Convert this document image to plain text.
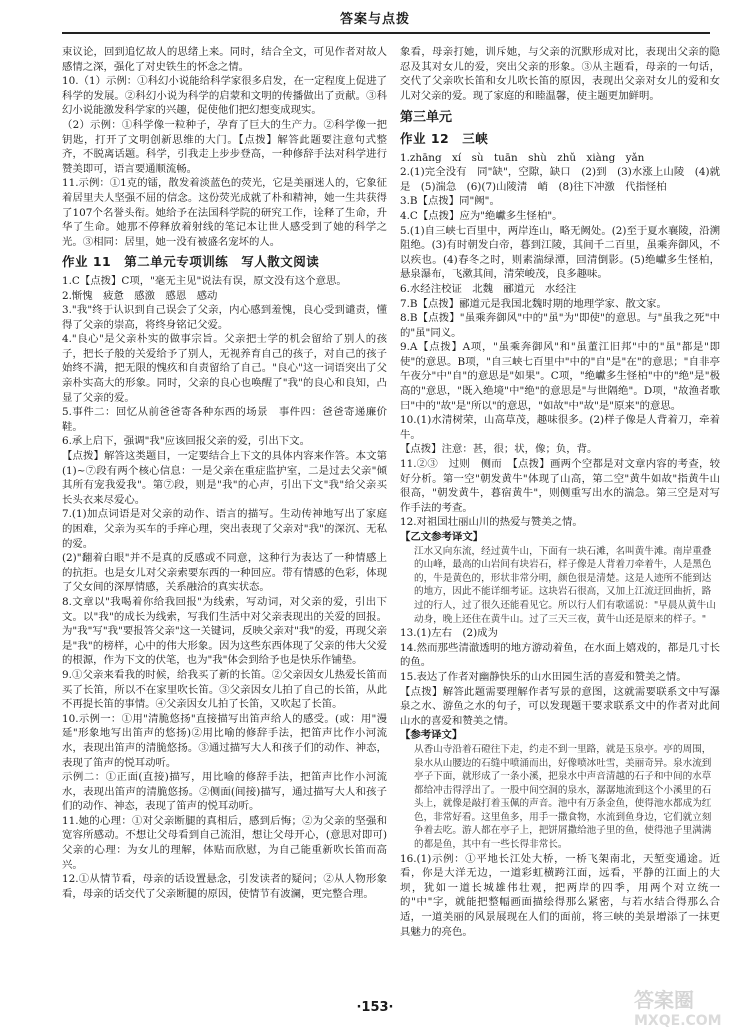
答案与点拨

束议论，回到追忆故人的思绪上来。同时，结合全文，可见作者对故人感情之深，强化了对史铁生的怀念之情。

10.（1）示例：①科幻小说能给科学家很多启发，在一定程度上促进了科学的发展。②科幻小说为科学的启蒙和文明的传播做出了贡献。③科幻小说能激发科学家的兴趣，促使他们把幻想变成现实。

（2）示例：①科学像一粒种子，孕育了巨大的生产力。②科学像一把钥匙，打开了文明创新思维的大门。【点拨】解答此题要注意句式整齐，不脱离话题。科学，引我走上步步登高，一种修辞手法对科学进行赞美即可，语言要通顺流畅。

11.示例：①1克的镭，散发着淡蓝色的荧光，它是美丽迷人的，它象征着居里夫人坚强不屈的信念。这份荧光成就了朴和精神，她一生共获得了107个名誉头衔。她给予在法国科学院的研究工作，诠释了生命，升华了生命。她那不停释放着射线的笔记本让世人感受到了她的科学之光。③相同：居里，她一没有被盛名宠坏的人。

作业 11　第二单元专项训练　写人散文阅读

1.C【点拨】C项，"毫无主见"说法有误，原文没有这个意思。

2.惭愧　疲惫　感激　感恩　感动

3."我"终于认识到自己误会了父亲，内心感到羞愧，良心受到谴责，懂得了父亲的崇高，将终身铭记父爱。

4."良心"是父亲朴实的做事宗旨。父亲把士学的机会留给了别人的孩子，把长子般的关爱给予了别人，无视养育自己的孩子，对自己的孩子始终不满，把无限的愧疚和自责留给了自己。"良心"这一词语突出了父亲朴实高大的形象。同时，父亲的良心也唤醒了"我"的良心和良知，凸显了父亲的爱。

5.事件二：回忆从前爸爸寄各种东西的场景　事件四：爸爸寄递廉价鞋。

6.承上启下，强调"我"应该回报父亲的爱，引出下文。

【点拨】解答这类题目，一定要结合上下文的具体内容来作答。本文第(1)~⑦段有两个核心信息：一是父亲在重症监护室，二是过去父亲"倾其所有宠我爱我"。第⑦段，则是"我"的心声，引出下文"我"给父亲买长头衣来尽爱心。

7.(1)加点词语是对父亲的动作、语言的描写。生动传神地写出了家庭的困难，父亲为买车的手痒心理，突出表现了父亲对"我"的深沉、无私的爱。

(2)"翻着白眼"并不是真的反感或不同意，这种行为表达了一种情感上的抗拒。也是女儿对父亲索要东西的一种回应。带有情感的色彩，体现了父女间的深厚情感，关系融洽的真实状态。

8.文章以"我喝着你给我回报"为线索，写动词，对父亲的爱，引出下文。以"我"的成长为线索，写我们生活中对父亲表现出的关爱的回报。为"我"写"我"要报答父亲"这一关键词，反映父亲对"我"的爱，再现父亲是"我"的榜样，心中的伟大形象。因为这些东西体现了父亲的伟大父爱的根源，作为下文的伏笔，也为"我"体会到给予也是快乐作铺垫。

9.①父亲来看我的时候，给我买了新的长笛。②父亲因女儿热爱长笛而买了长笛，所以不在家里吹长笛。③父亲因女儿拍了自己的长笛，从此不再提长笛的事情。④父亲因女儿拍了长笛，又吹起了长笛。

10.示例一：①用"清脆悠扬"直接描写出笛声给人的感受。(或：用"漫延"形象地写出笛声的悠扬)②用比喻的修辞手法，把笛声比作小河流水，表现出笛声的清脆悠扬。③通过描写大人和孩子们的动作、神态，表现了笛声的悦耳动听。

示例二：①正面(直接)描写，用比喻的修辞手法，把笛声比作小河流水，表现出笛声的清脆悠扬。②侧面(间接)描写，通过描写大人和孩子们的动作、神态，表现了笛声的悦耳动听。

11.她的心理：①对父亲断腿的真相后，感到后悔；②为父亲的坚强和宽容所感动。不想让父母看到自己流泪，想让父母开心，(意思对即可)父亲的心理：为女儿的理解，体贴而欣慰，为自己能重新吹长笛而高兴。

12.①从情节看，母亲的话设置悬念，引发读者的疑问；②从人物形象看，母亲的话交代了父亲断腿的原因，使情节有波澜，更完整合理。

象看，母亲打她，训斥她，与父亲的沉默形成对比，表现出父亲的隐忍及其对女儿的爱，突出父亲的形象。③从主题看，母亲的一句话，交代了父亲吹长笛和女儿吹长笛的原因，表现出父亲对女儿的爱和女儿对父亲的爱。现了家庭的和睦温馨，使主题更加鲜明。

第三单元
作业 12　三峡

1.zhāng　xí　sù　tuān　shù　zhǔ　xiàng　yǎn

2.(1)完全没有　同"缺"，空隙，缺口　(2)到　(3)水涨上山陵　(4)就是　(5)湍急　(6)(7)山陵清　峭　(8)往下冲激　代指怪柏

3.B【点拨】同"阙"。

4.C【点拨】应为"绝巘多生怪柏"。

5.(1)自三峡七百里中，两岸连山，略无阙处。(2)至于夏水襄陵，沿溯阻绝。(3)有时朝发白帝，暮到江陵，其间千二百里，虽乘奔御风，不以疾也。(4)春冬之时，则素湍绿潭，回清倒影。(5)绝巘多生怪柏，悬泉瀑布，飞漱其间，清荣峻茂，良多趣味。

6.水经注校证　北魏　郦道元　水经注

7.B【点拨】郦道元是我国北魏时期的地理学家、散文家。

8.B【点拨】"虽乘奔御风"中的"虽"为"即使"的意思。与"虽我之死"中的"虽"同义。

9.A【点拨】A项，"虽乘奔御风"和"虽董江旧邦"中的"虽"都是"即使"的意思。B项，"自三峡七百里中"中的"自"是"在"的意思；"自非亭午夜分"中"自"的意思是"如果"。C项，"绝巘多生怪柏"中的"绝"是"极高的"意思，"既入绝境"中"绝"的意思是"与世隔绝"。D项，"故渔者歌曰"中的"故"是"所以"的意思，"如故"中"故"是"原来"的意思。

10.(1)水清树荣，山高草茂，趣味很多。(2)样子像是人背着刀，牵着牛。

【点拨】注意：甚，很；状，像；负，背。

11.②③　过则　侧而　【点拨】画两个空都是对文章内容的考查，较好分析。第一空"朝发黄牛"体现了山高，第二空"黄牛如故"指黄牛山很高，"朝发黄牛，暮宿黄牛"，则侧重写出水的湍急。第三空是对写作手法的考查。

12.对祖国壮丽山川的热爱与赞美之情。

【乙文参考译文】

江水又向东流，经过黄牛山，下面有一块石滩，名叫黄牛滩。南岸重叠的山峰，最高的山岩间有块岩石，样子像是人背着刀牵着牛，人是黑色的，牛是黄色的，形状非常分明，颜色很是清楚。这是人迹所不能到达的地方，因此不能详细考证。这块岩石很高，又加上江流迂回曲折，路过的行人，过了很久还能看见它。所以行人们有歌谣说："早晨从黄牛山动身，晚上还住在黄牛山。过了三天三夜，黄牛山还是原来的样子。"

13.(1)左右　(2)成为

14.然而那些清澈透明的地方游动着鱼，在水面上嬉戏的，都是几寸长的鱼。

15.表达了作者对幽静快乐的山水田园生活的喜爱和赞美之情。

【点拨】解答此题需要理解作者写景的意图，这就需要联系文中写瀑泉之水、游鱼之水的句子，可以发现题干要求联系文中的作者对此间山水的喜爱和赞美之情。

【参考译文】

从香山寺沿着石磴往下走，约走不到一里路，就是玉泉亭。亭的周围，泉水从山腰边的石缝中喷涌而出，好像喷冰吐雪，美丽奇异。泉水流到亭子下面，就形成了一条小溪，把泉水中声音清越的石子和中间的水草都给冲击得浮出了。一股中间空洞的泉水，潺潺地流到这个小溪里的石头上，就像是敲打着玉佩的声音。池中有万条金鱼，使得池水都成为红色，非常好看。这里鱼多，用手一撒食物，水流到鱼身边，它们就立刻争着去吃。游人都在亭子上，把饼屑撒给池子里的鱼，使得池子里满满的都是鱼，其中有一些长得非常长。

16.(1)示例：①平地长江处大桥，一桥飞架南北，天堑变通途。近看，你是大洋无边，一道彩虹横跨江面，远看，平静的江面上的大坝，犹如一道长城雄伟壮观，把两岸的四季，用两个对立统一的"中"字，就能把整幅画面描绘得那么紧密，与若水结合得那么合适，一道美丽的风景展现在人们的面前，将三峡的美景增添了一抹更具魅力的亮色。

·153·	答案圈
MXQE.COM
